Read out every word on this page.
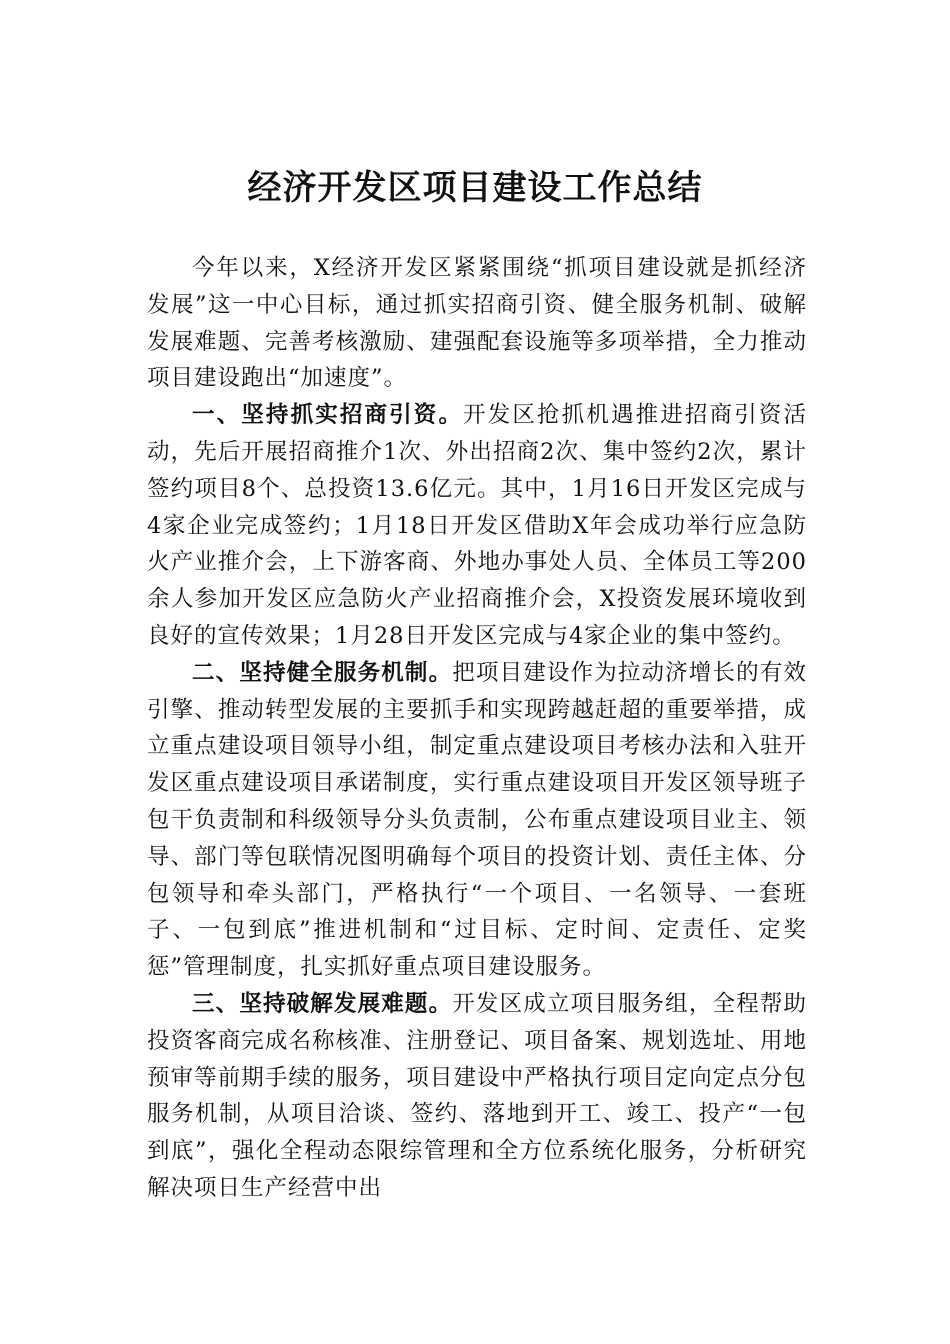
经济开发区项目建设工作总结

今年以来，X经济开发区紧紧围绕“抓项目建设就是抓经济发展”这一中心目标，通过抓实招商引资、健全服务机制、破解发展难题、完善考核激励、建强配套设施等多项举措，全力推动项目建设跑出“加速度”。

一、坚持抓实招商引资。开发区抢抓机遇推进招商引资活动，先后开展招商推介1次、外出招商2次、集中签约2次，累计签约项目8个、总投资13.6亿元。其中，1月16日开发区完成与4家企业完成签约；1月18日开发区借助X年会成功举行应急防火产业推介会，上下游客商、外地办事处人员、全体员工等200余人参加开发区应急防火产业招商推介会，X投资发展环境收到良好的宣传效果；1月28日开发区完成与4家企业的集中签约。

二、坚持健全服务机制。把项目建设作为拉动济增长的有效引擎、推动转型发展的主要抓手和实现跨越赶超的重要举措，成立重点建设项目领导小组，制定重点建设项目考核办法和入驻开发区重点建设项目承诺制度，实行重点建设项目开发区领导班子包干负责制和科级领导分头负责制，公布重点建设项目业主、领导、部门等包联情况图明确每个项目的投资计划、责任主体、分包领导和牵头部门，严格执行“一个项目、一名领导、一套班子、一包到底”推进机制和“过目标、定时间、定责任、定奖惩”管理制度，扎实抓好重点项目建设服务。

三、坚持破解发展难题。开发区成立项目服务组，全程帮助投资客商完成名称核准、注册登记、项目备案、规划选址、用地预审等前期手续的服务，项目建设中严格执行项目定向定点分包服务机制，从项目洽谈、签约、落地到开工、竣工、投产“一包到底”，强化全程动态限综管理和全方位系统化服务，分析研究解决项日生产经营中出
